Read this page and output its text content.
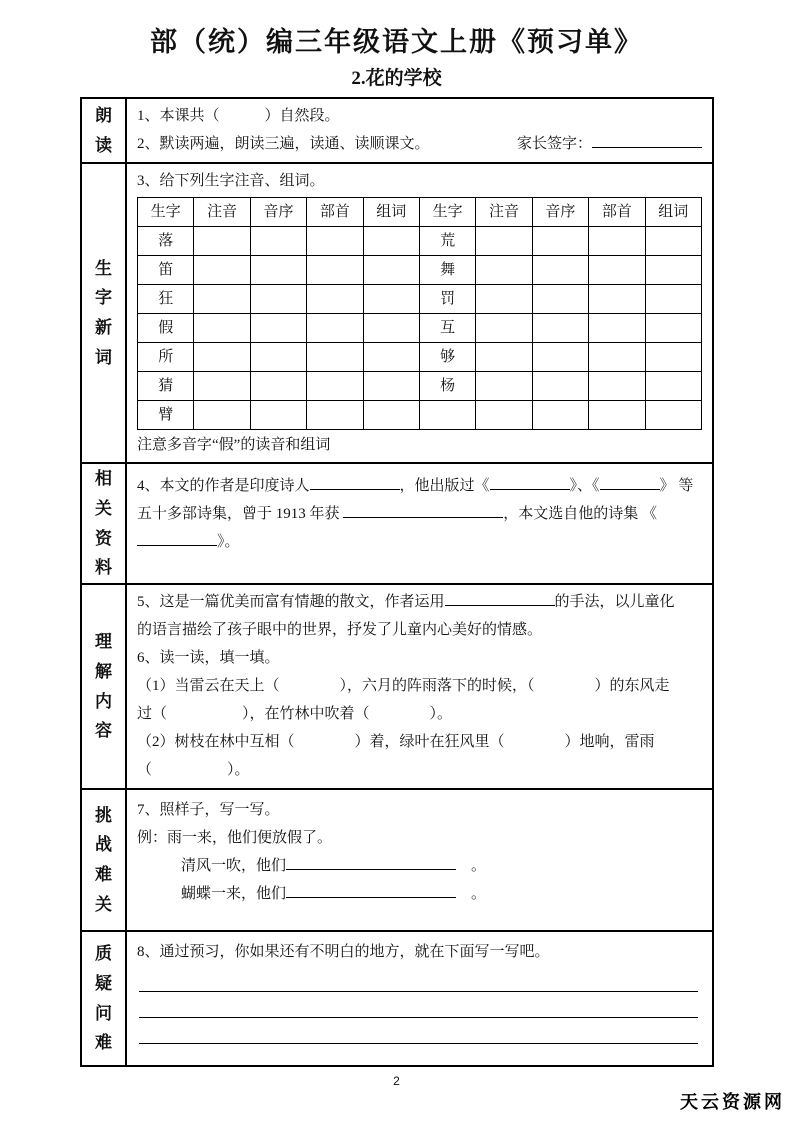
部（统）编三年级语文上册《预习单》
2.花的学校
朗读
1、本课共（　　　）自然段。
2、默读两遍，朗读三遍，读通、读顺课文。	家长签字：
生字新词
3、给下列生字注音、组词。
生字	注音	音序	部首	组词	生字	注音	音序	部首	组词
落					荒				
笛					舞				
狂					罚				
假					互				
所					够				
猜					杨				
臂									
注意多音字“假”的读音和组词
相关资料
4、本文的作者是印度诗人	，他出版过《	》、《	》 等五十多部诗集，曾于 1913 年获	，本文选自他的诗集 《》。
理解内容
5、这是一篇优美而富有情趣的散文，作者运用	的手法，以儿童化
的语言描绘了孩子眼中的世界，抒发了儿童内心美好的情感。
6、读一读，填一填。
（1）当雷云在天上（　　　　），六月的阵雨落下的时候，（　　　　）的东风走
过（　　　　　），在竹林中吹着（　　　　）。
（2）树枝在林中互相（　　　　）着，绿叶在狂风里（　　　　）地响，雷雨
（　　　　　）。
挑战难关
7、照样子，写一写。
例：雨一来，他们便放假了。
清风一吹，他们　	。
蝴蝶一来，他们　	。
质疑问难
8、通过预习，你如果还有不明白的地方，就在下面写一写吧。
2
天云资源网
